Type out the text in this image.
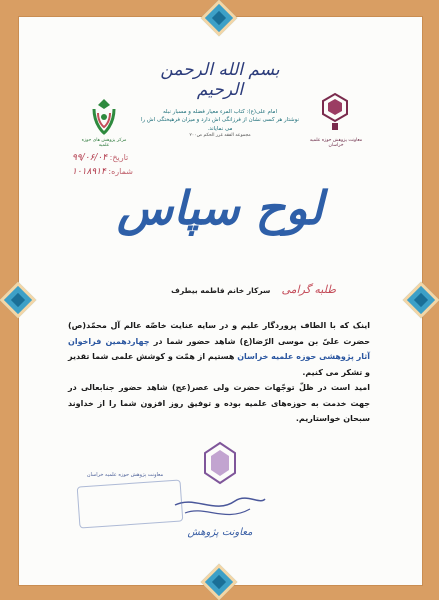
بسم الله الرحمن الرحیم
امام علی(ع): کتاب المرء معیار فضله و مسبار نبله
نوشتار هر کسی نشان از فرزانگی اش دارد و میزان فرهیختگی اش را می نمایاند.
مجموعه الفقه غرر الحکم ص۲۰۰
مرکز پژوهش های حوزه علمیه
معاونت پژوهش حوزه علمیه خراسان
تاریخ: ۹۹/۰۶/۰۴
شماره: ۱۰۱۸۹۱۴
لوح سپاس
طلبه گرامی سرکار خانم فاطمه بیطرف
اینک که با الطاف پروردگار علیم و در سایه عنایت خاصّه عالم آل محمّد(ص) حضرت علیّ بن موسی الرّضا(ع) شاهد حضور شما در چهاردهمین فراخوان آثار پژوهشی حوزه علمیه خراسان هستیم از همّت و کوشش علمی شما تقدیر و تشکر می کنیم.
امید است در ظلّ توجّهات حضرت ولی عصر(عج) شاهد حضور جنابعالی در جهت خدمت به حوزه‌های علمیه بوده و توفیق روز افزون شما را از خداوند سبحان خواستاریم.
معاونت پژوهش حوزه علمیه خراسان
معاونت پژوهش
